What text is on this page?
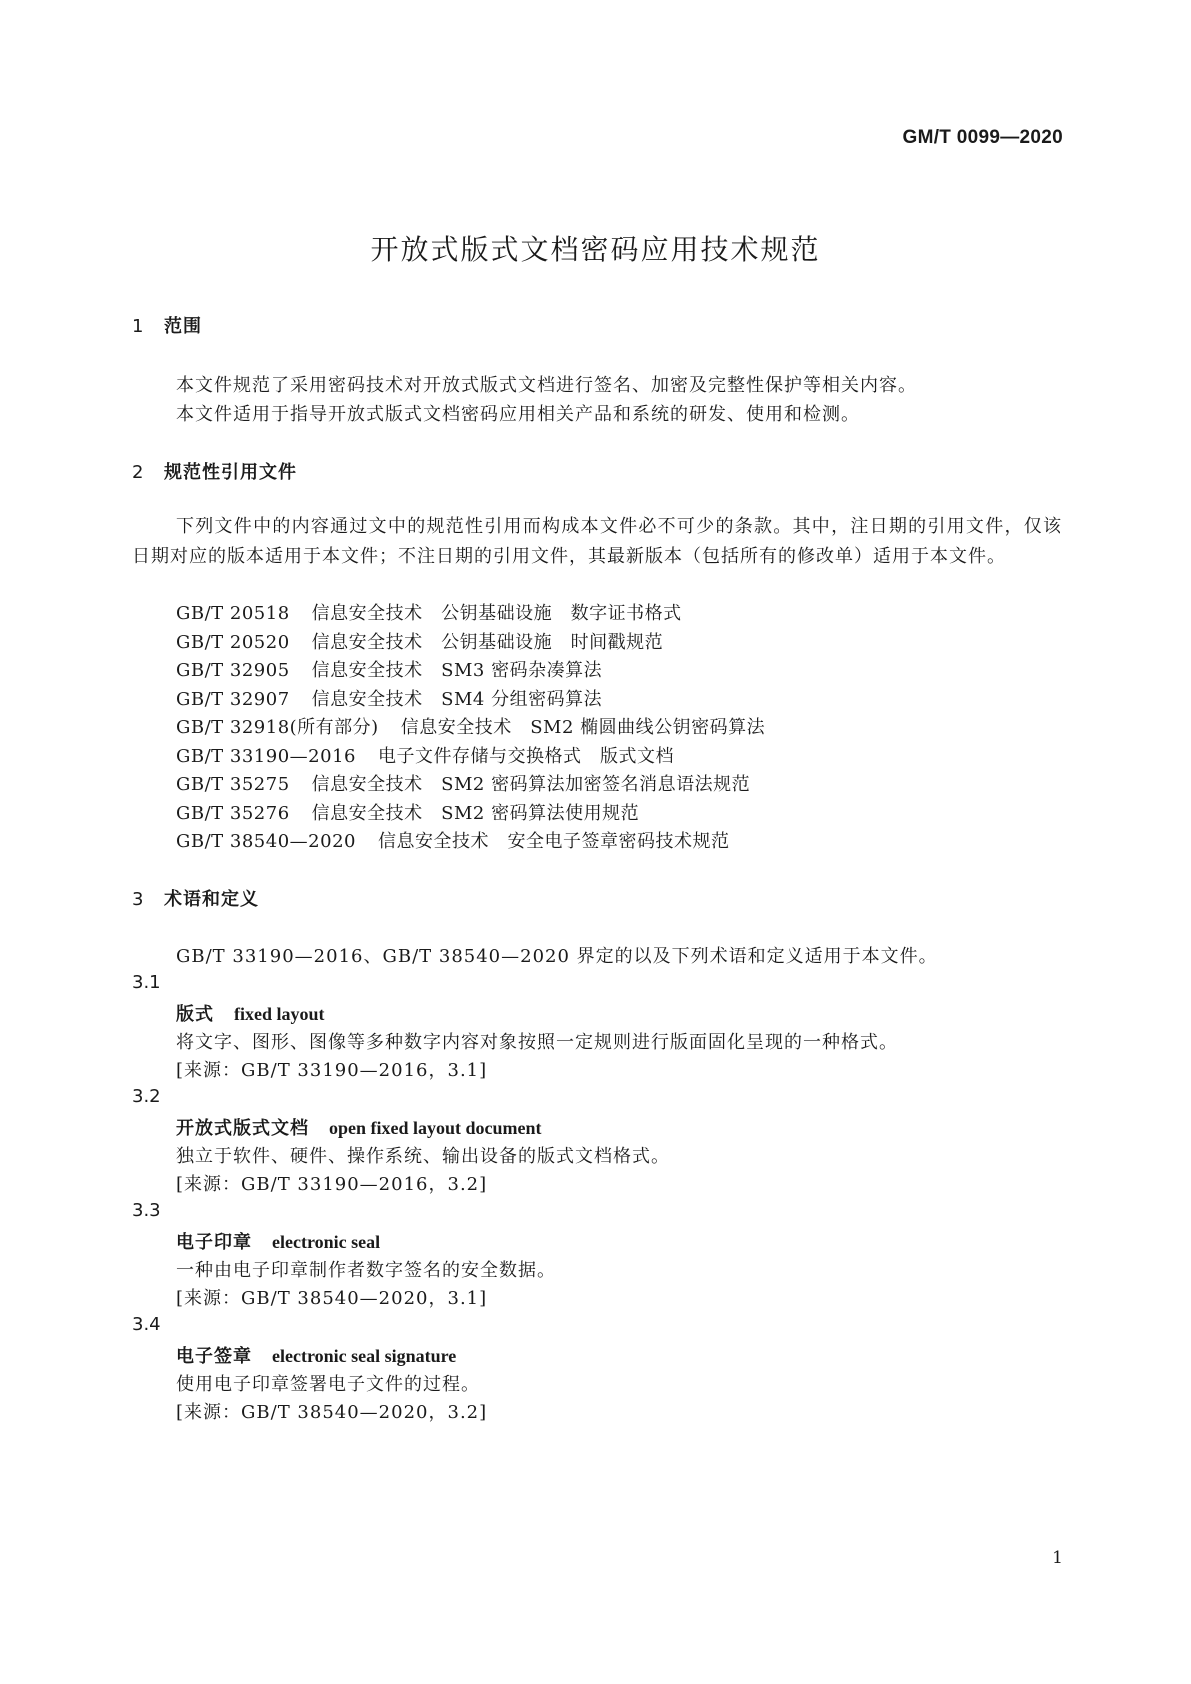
GM/T 0099—2020
开放式版式文档密码应用技术规范
1 范围
本文件规范了采用密码技术对开放式版式文档进行签名、加密及完整性保护等相关内容。
本文件适用于指导开放式版式文档密码应用相关产品和系统的研发、使用和检测。
2 规范性引用文件
下列文件中的内容通过文中的规范性引用而构成本文件必不可少的条款。其中，注日期的引用文件，仅该日期对应的版本适用于本文件；不注日期的引用文件，其最新版本（包括所有的修改单）适用于本文件。
GB/T 20518 信息安全技术　公钥基础设施　数字证书格式
GB/T 20520 信息安全技术　公钥基础设施　时间戳规范
GB/T 32905 信息安全技术　SM3 密码杂凑算法
GB/T 32907 信息安全技术　SM4 分组密码算法
GB/T 32918(所有部分) 信息安全技术　SM2 椭圆曲线公钥密码算法
GB/T 33190—2016 电子文件存储与交换格式　版式文档
GB/T 35275 信息安全技术　SM2 密码算法加密签名消息语法规范
GB/T 35276 信息安全技术　SM2 密码算法使用规范
GB/T 38540—2020 信息安全技术　安全电子签章密码技术规范
3 术语和定义
GB/T 33190—2016、GB/T 38540—2020 界定的以及下列术语和定义适用于本文件。
3.1
版式 fixed layout
将文字、图形、图像等多种数字内容对象按照一定规则进行版面固化呈现的一种格式。
[来源：GB/T 33190—2016，3.1]
3.2
开放式版式文档 open fixed layout document
独立于软件、硬件、操作系统、输出设备的版式文档格式。
[来源：GB/T 33190—2016，3.2]
3.3
电子印章 electronic seal
一种由电子印章制作者数字签名的安全数据。
[来源：GB/T 38540—2020，3.1]
3.4
电子签章 electronic seal signature
使用电子印章签署电子文件的过程。
[来源：GB/T 38540—2020，3.2]
1
